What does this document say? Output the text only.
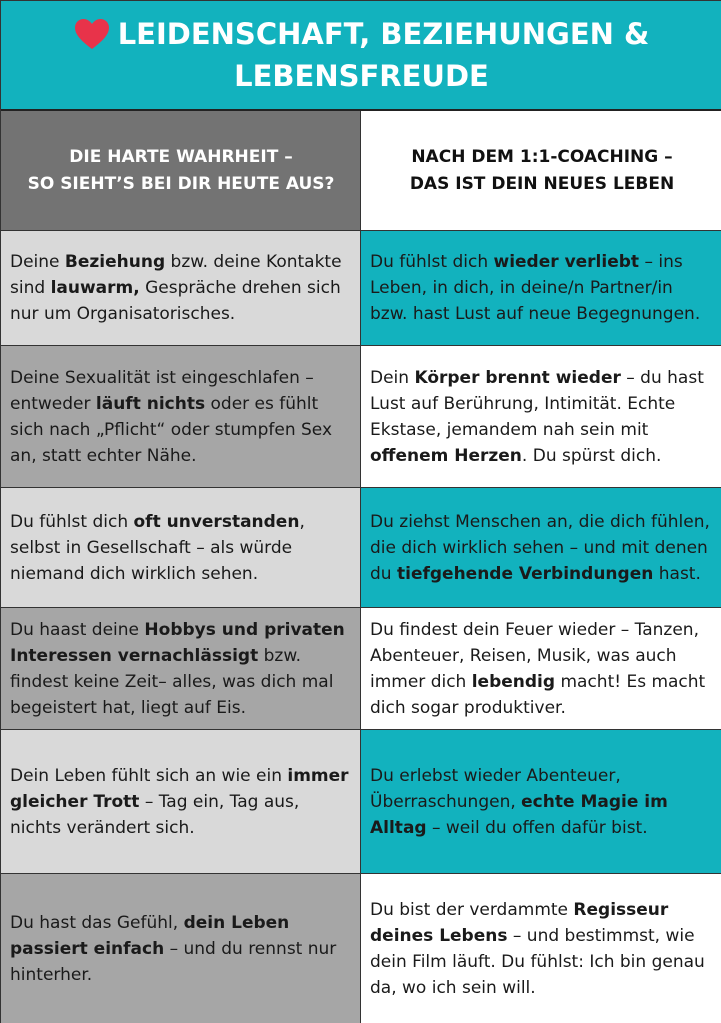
LEIDENSCHAFT, BEZIEHUNGEN &
LEBENSFREUDE
DIE HARTE WAHRHEIT –
SO SIEHT’S BEI DIR HEUTE AUS?
NACH DEM 1:1-COACHING –
DAS IST DEIN NEUES LEBEN
Deine Beziehung bzw. deine Kontakte sind lauwarm, Gespräche drehen sich nur um Organisatorisches.
Du fühlst dich wieder verliebt – ins Leben, in dich, in deine/n Partner/in bzw. hast Lust auf neue Begegnungen.
Deine Sexualität ist eingeschlafen – entweder läuft nichts oder es fühlt sich nach „Pflicht“ oder stumpfen Sex an, statt echter Nähe.
Dein Körper brennt wieder – du hast Lust auf Berührung, Intimität. Echte Ekstase, jemandem nah sein mit offenem Herzen. Du spürst dich.
Du fühlst dich oft unverstanden, selbst in Gesellschaft – als würde niemand dich wirklich sehen.
Du ziehst Menschen an, die dich fühlen, die dich wirklich sehen – und mit denen du tiefgehende Verbindungen hast.
Du haast deine Hobbys und privaten Interessen vernachlässigt bzw. findest keine Zeit– alles, was dich mal begeistert hat, liegt auf Eis.
Du findest dein Feuer wieder – Tanzen, Abenteuer, Reisen, Musik, was auch immer dich lebendig macht! Es macht dich sogar produktiver.
Dein Leben fühlt sich an wie ein immer gleicher Trott – Tag ein, Tag aus, nichts verändert sich.
Du erlebst wieder Abenteuer, Überraschungen, echte Magie im Alltag – weil du offen dafür bist.
Du hast das Gefühl, dein Leben passiert einfach – und du rennst nur hinterher.
Du bist der verdammte Regisseur deines Lebens – und bestimmst, wie dein Film läuft. Du fühlst: Ich bin genau da, wo ich sein will.
